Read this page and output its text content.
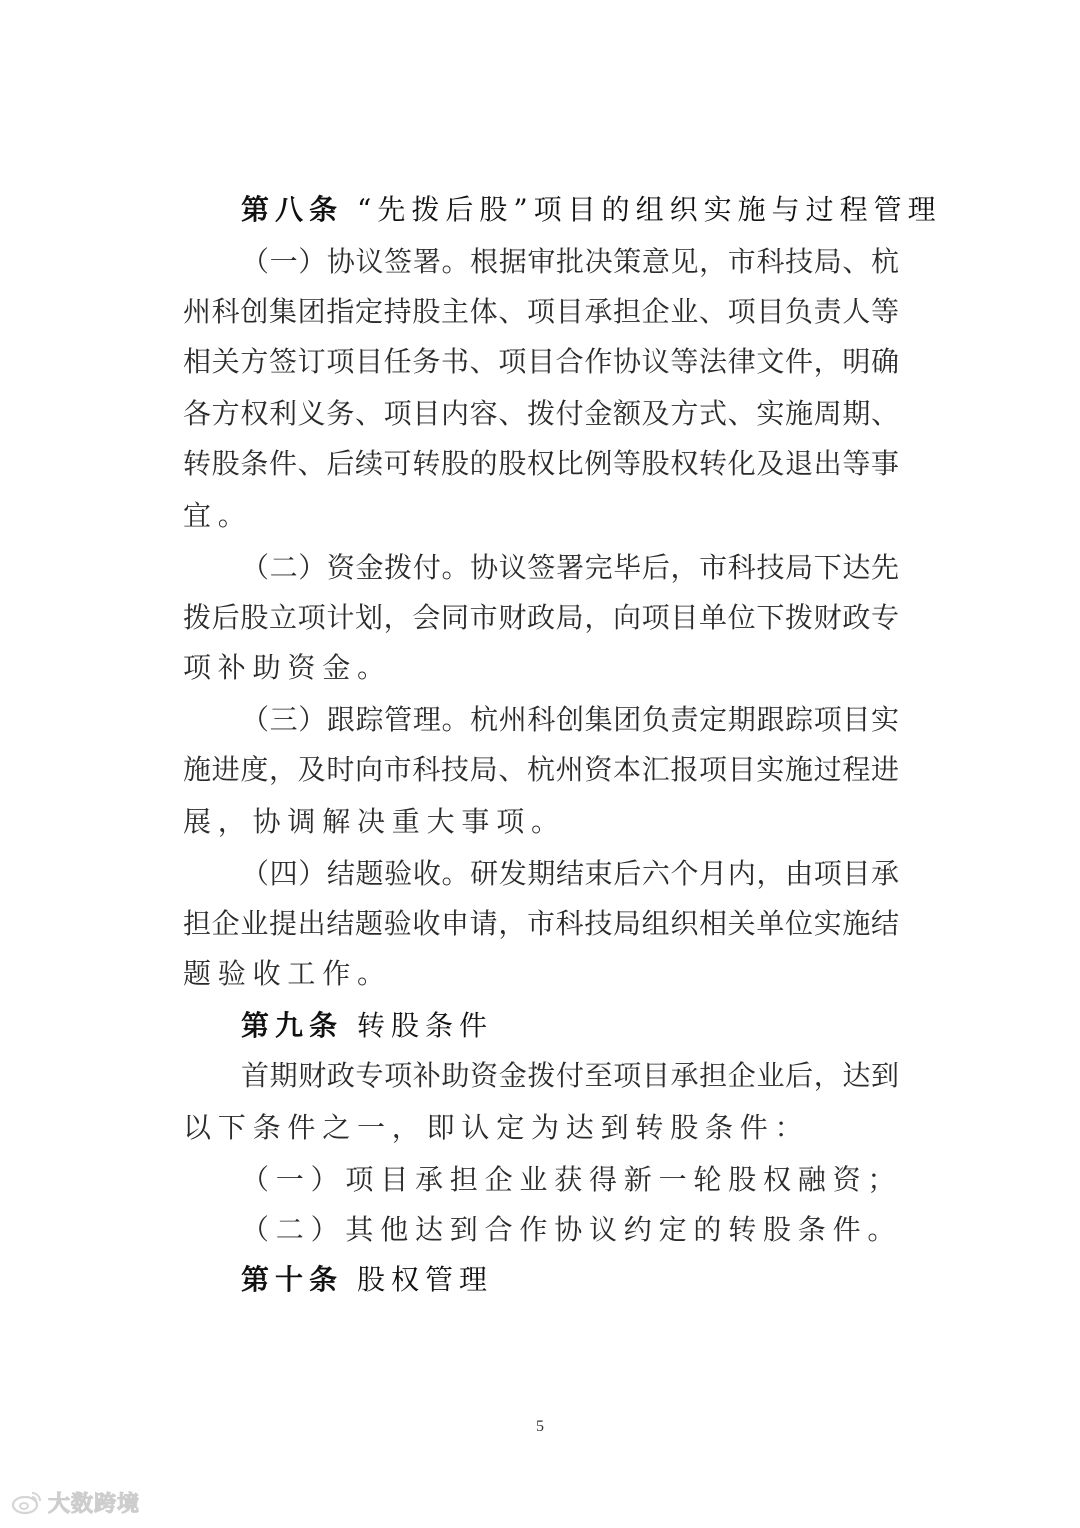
第八条 “先拨后股”项目的组织实施与过程管理
（一）协议签署。根据审批决策意见，市科技局、杭
州科创集团指定持股主体、项目承担企业、项目负责人等
相关方签订项目任务书、项目合作协议等法律文件，明确
各方权利义务、项目内容、拨付金额及方式、实施周期、
转股条件、后续可转股的股权比例等股权转化及退出等事
宜。
（二）资金拨付。协议签署完毕后，市科技局下达先
拨后股立项计划，会同市财政局，向项目单位下拨财政专
项补助资金。
（三）跟踪管理。杭州科创集团负责定期跟踪项目实
施进度，及时向市科技局、杭州资本汇报项目实施过程进
展，协调解决重大事项。
（四）结题验收。研发期结束后六个月内，由项目承
担企业提出结题验收申请，市科技局组织相关单位实施结
题验收工作。
第九条 转股条件
首期财政专项补助资金拨付至项目承担企业后，达到
以下条件之一，即认定为达到转股条件：
（一）项目承担企业获得新一轮股权融资；
（二）其他达到合作协议约定的转股条件。
第十条 股权管理
5
大数跨境
